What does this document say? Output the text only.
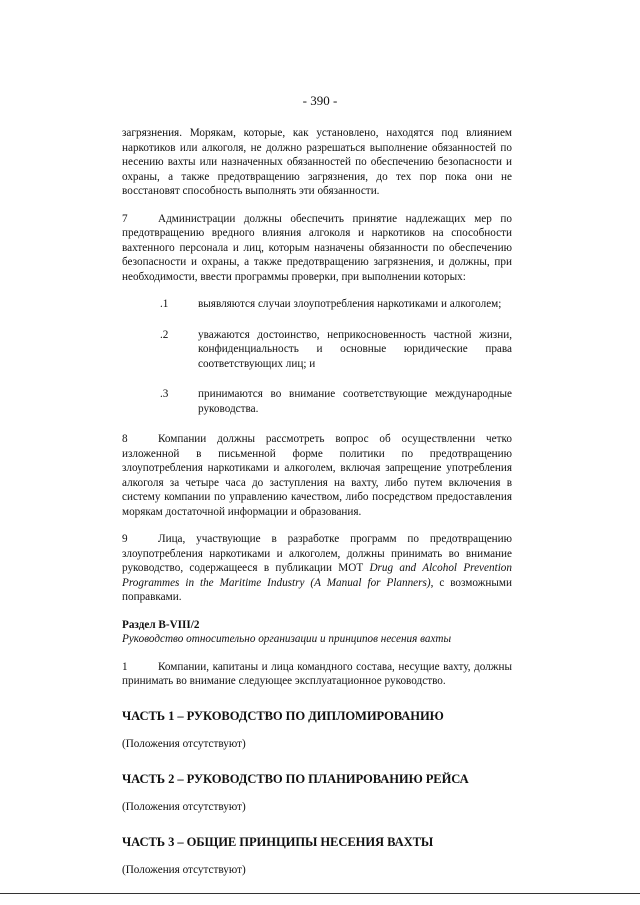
- 390 -

загрязнения. Морякам, которые, как установлено, находятся под влиянием наркотиков или алкоголя, не должно разрешаться выполнение обязанностей по несению вахты или назначенных обязанностей по обеспечению безопасности и охраны, а также предотвращению загрязнения, до тех пор пока они не восстановят способность выполнять эти обязанности.

7	Администрации должны обеспечить принятие надлежащих мер по предотвращению вредного влияния алгоколя и наркотиков на способности вахтенного персонала и лиц, которым назначены обязанности по обеспечению безопасности и охраны, а также предотвращению загрязнения, и должны, при необходимости, ввести программы проверки, при выполнении которых:

.1	выявляются случаи злоупотребления наркотиками и алкоголем;
.2	уважаются достоинство, неприкосновенность частной жизни, конфиденциальность и основные юридические права соответствующих лиц; и
.3	принимаются во внимание соответствующие международные руководства.

8	Компании должны рассмотреть вопрос об осуществленни четко изложенной в письменной форме политики по предотвращению злоупотребления наркотиками и алкоголем, включая запрещение употребления алкоголя за четыре часа до заступления на вахту, либо путем включения в систему компании по управлению качеством, либо посредством предоставления морякам достаточной информации и образования.

9	Лица, участвующие в разработке программ по предотвращению злоупотребления наркотиками и алкоголем, должны принимать во внимание руководство, содержащееся в публикации МОТ Drug and Alcohol Prevention Programmes in the Maritime Industry (A Manual for Planners), с возможными поправками.

Раздел B-VIII/2

Руководство относительно организации и принципов несения вахты

1	Компании, капитаны и лица командного состава, несущие вахту, должны принимать во внимание следующее эксплуатационное руководство.

ЧАСТЬ 1 – РУКОВОДСТВО ПО ДИПЛОМИРОВАНИЮ

(Положения отсутствуют)

ЧАСТЬ 2 – РУКОВОДСТВО ПО ПЛАНИРОВАНИЮ РЕЙСА

(Положения отсутствуют)

ЧАСТЬ 3 – ОБЩИЕ ПРИНЦИПЫ НЕСЕНИЯ ВАХТЫ

(Положения отсутствуют)
